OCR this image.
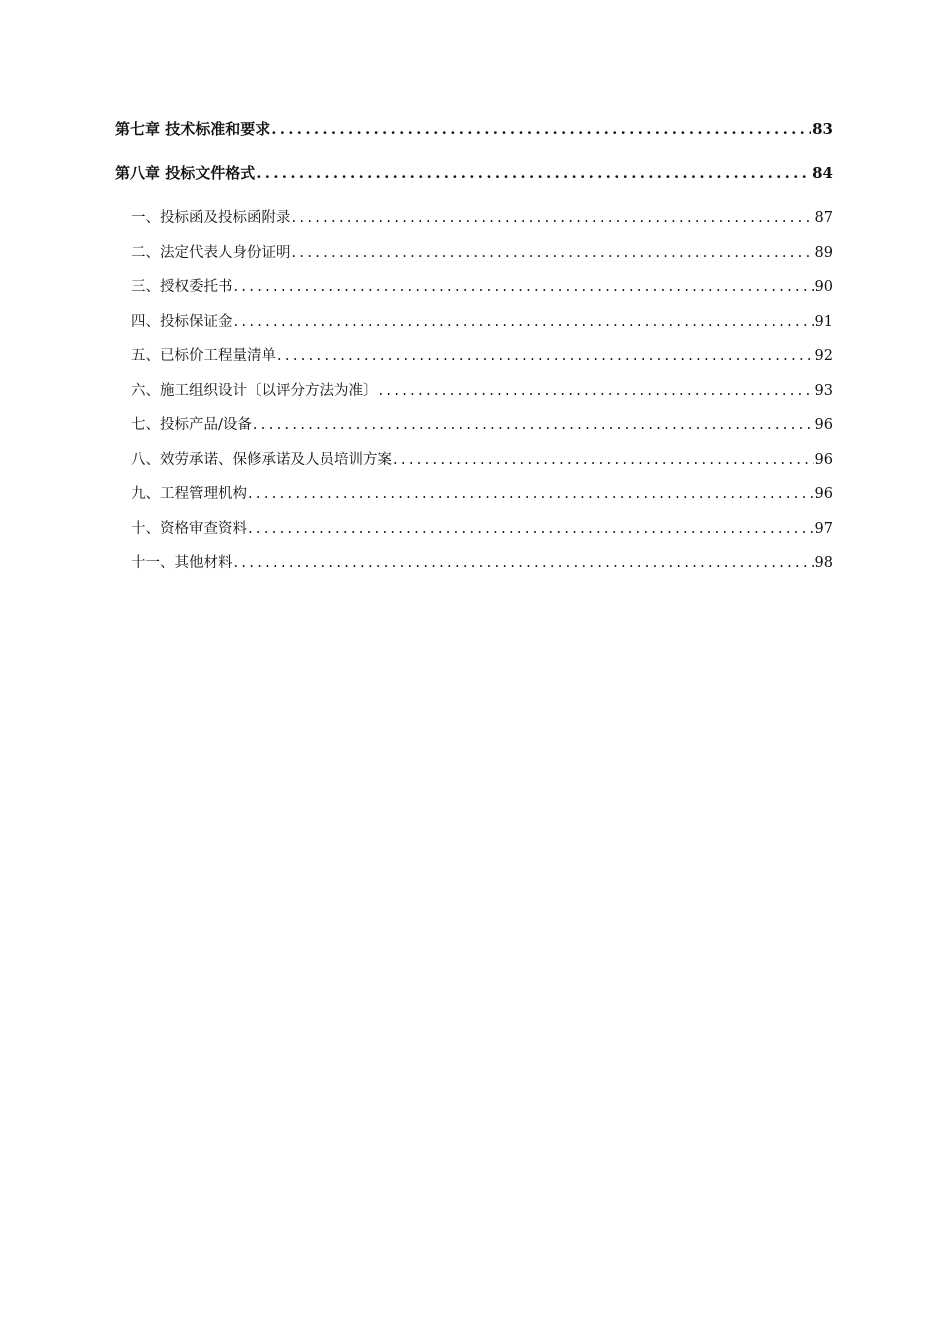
第七章 技术标准和要求 .....	83
第八章 投标文件格式 .....	84
一、投标函及投标函附录 .....	87
二、法定代表人身份证明 .....	89
三、授权委托书 .....	90
四、投标保证金 .....	91
五、已标价工程量清单 .....	92
六、施工组织设计〔以评分方法为准〕 .....	93
七、投标产品/设备 .....	96
八、效劳承诺、保修承诺及人员培训方案 .....	96
九、工程管理机构 .....	96
十、资格审查资料 .....	97
十一、其他材料 .....	98
